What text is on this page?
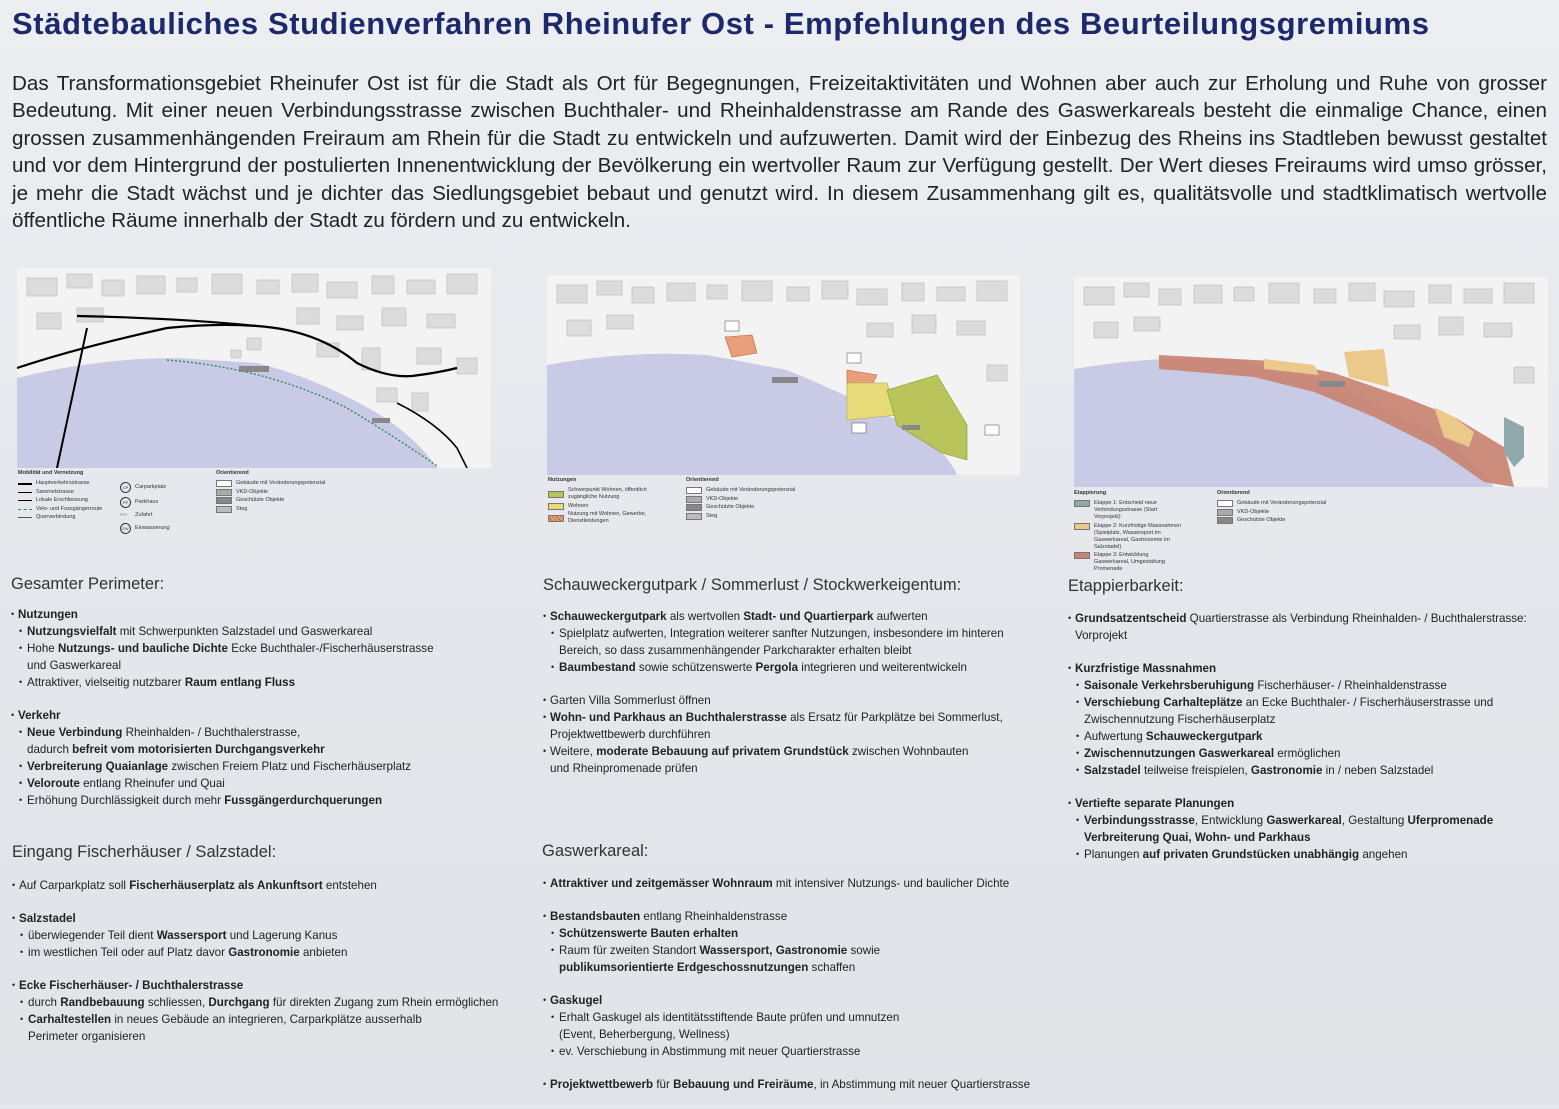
Städtebauliches Studienverfahren Rheinufer Ost - Empfehlungen des Beurteilungsgremiums
Das Transformationsgebiet Rheinufer Ost ist für die Stadt als Ort für Begegnungen, Freizeitaktivitäten und Wohnen aber auch zur Erholung und Ruhe von grosser Bedeutung. Mit einer neuen Verbindungsstrasse zwischen Buchthaler- und Rheinhaldenstrasse am Rande des Gaswerkareals besteht die einmalige Chance, einen grossen zusammenhängenden Freiraum am Rhein für die Stadt zu entwickeln und aufzuwerten. Damit wird der Einbezug des Rheins ins Stadtleben bewusst gestaltet und vor dem Hintergrund der postulierten Innenentwicklung der Bevölkerung ein wertvoller Raum zur Verfügung gestellt. Der Wert dieses Freiraums wird umso grösser, je mehr die Stadt wächst und je dichter das Siedlungsgebiet bebaut und genutzt wird. In diesem Zusammenhang gilt es, qualitätsvolle und stadtklimatisch wertvolle öffentliche Räume innerhalb der Stadt zu fördern und zu entwickeln.
Mobilität und Vernetzung
Hauptverkehrsstrasse
Sammelstrasse
Lokale Erschliessung
Velo- und Fussgängerroute
Querverbindung
CP	Carparkplatz
PP	Parkhaus
〰	Zufahrt
EW	Einwasserung
Orientierend
Gebäude mit Veränderungspotenzial
VKD-Objekte
Geschützte Objekte
Steg
Nutzungen
Schwerpunkt Wohnen, öffentlich zugängliche Nutzung
Wohnen
Nutzung mit Wohnen, Gewerbe, Dienstleistungen
Orientierend
Gebäude mit Veränderungspotenzial
VKD-Objekte
Geschützte Objekte
Steg
Etappierung
Etappe 1: Entscheid neue Verbindungsstrasse (Start Vorprojekt)
Etappe 2: Kurzfristige Massnahmen (Spielplatz, Wassersport im Gaswerkareal, Gastronomie im Salzstadel)
Etappe 3: Entwicklung Gaswerkareal, Umgestaltung Promenade
Orientierend
Gebäude mit Veränderungspotenzial
VKD-Objekte
Geschützte Objekte
Gesamter Perimeter:
• Nutzungen
• Nutzungsvielfalt mit Schwerpunkten Salzstadel und Gaswerkareal
• Hohe Nutzungs- und bauliche Dichte Ecke Buchthaler-/Fischerhäuserstrasse
und Gaswerkareal
• Attraktiver, vielseitig nutzbarer Raum entlang Fluss
• Verkehr
• Neue Verbindung Rheinhalden- / Buchthalerstrasse,
dadurch befreit vom motorisierten Durchgangsverkehr
• Verbreiterung Quaianlage zwischen Freiem Platz und Fischerhäuserplatz
• Veloroute entlang Rheinufer und Quai
• Erhöhung Durchlässigkeit durch mehr Fussgängerdurchquerungen
Eingang Fischerhäuser / Salzstadel:
• Auf Carparkplatz soll Fischerhäuserplatz als Ankunftsort entstehen
• Salzstadel
• überwiegender Teil dient Wassersport und Lagerung Kanus
• im westlichen Teil oder auf Platz davor Gastronomie anbieten
• Ecke Fischerhäuser- / Buchthalerstrasse
• durch Randbebauung schliessen, Durchgang für direkten Zugang zum Rhein ermöglichen
• Carhaltestellen in neues Gebäude an integrieren, Carparkplätze ausserhalb
Perimeter organisieren
Schauweckergutpark / Sommerlust / Stockwerkeigentum:
• Schauweckergutpark als wertvollen Stadt- und Quartierpark aufwerten
• Spielplatz aufwerten, Integration weiterer sanfter Nutzungen, insbesondere im hinteren
Bereich, so dass zusammenhängender Parkcharakter erhalten bleibt
• Baumbestand sowie schützenswerte Pergola integrieren und weiterentwickeln
• Garten Villa Sommerlust öffnen
• Wohn- und Parkhaus an Buchthalerstrasse als Ersatz für Parkplätze bei Sommerlust,
Projektwettbewerb durchführen
• Weitere, moderate Bebauung auf privatem Grundstück zwischen Wohnbauten
und Rheinpromenade prüfen
Gaswerkareal:
• Attraktiver und zeitgemässer Wohnraum mit intensiver Nutzungs- und baulicher Dichte
• Bestandsbauten entlang Rheinhaldenstrasse
• Schützenswerte Bauten erhalten
• Raum für zweiten Standort Wassersport, Gastronomie sowie
publikumsorientierte Erdgeschossnutzungen schaffen
• Gaskugel
• Erhalt Gaskugel als identitätsstiftende Baute prüfen und umnutzen
(Event, Beherbergung, Wellness)
• ev. Verschiebung in Abstimmung mit neuer Quartierstrasse
• Projektwettbewerb für Bebauung und Freiräume, in Abstimmung mit neuer Quartierstrasse
Etappierbarkeit:
• Grundsatzentscheid Quartierstrasse als Verbindung Rheinhalden- / Buchthalerstrasse:
Vorprojekt
• Kurzfristige Massnahmen
• Saisonale Verkehrsberuhigung Fischerhäuser- / Rheinhaldenstrasse
• Verschiebung Carhalteplätze an Ecke Buchthaler- / Fischerhäuserstrasse und
Zwischennutzung Fischerhäuserplatz
• Aufwertung Schauweckergutpark
• Zwischennutzungen Gaswerkareal ermöglichen
• Salzstadel teilweise freispielen, Gastronomie in / neben Salzstadel
• Vertiefte separate Planungen
• Verbindungsstrasse, Entwicklung Gaswerkareal, Gestaltung Uferpromenade
Verbreiterung Quai, Wohn- und Parkhaus
• Planungen auf privaten Grundstücken unabhängig angehen
